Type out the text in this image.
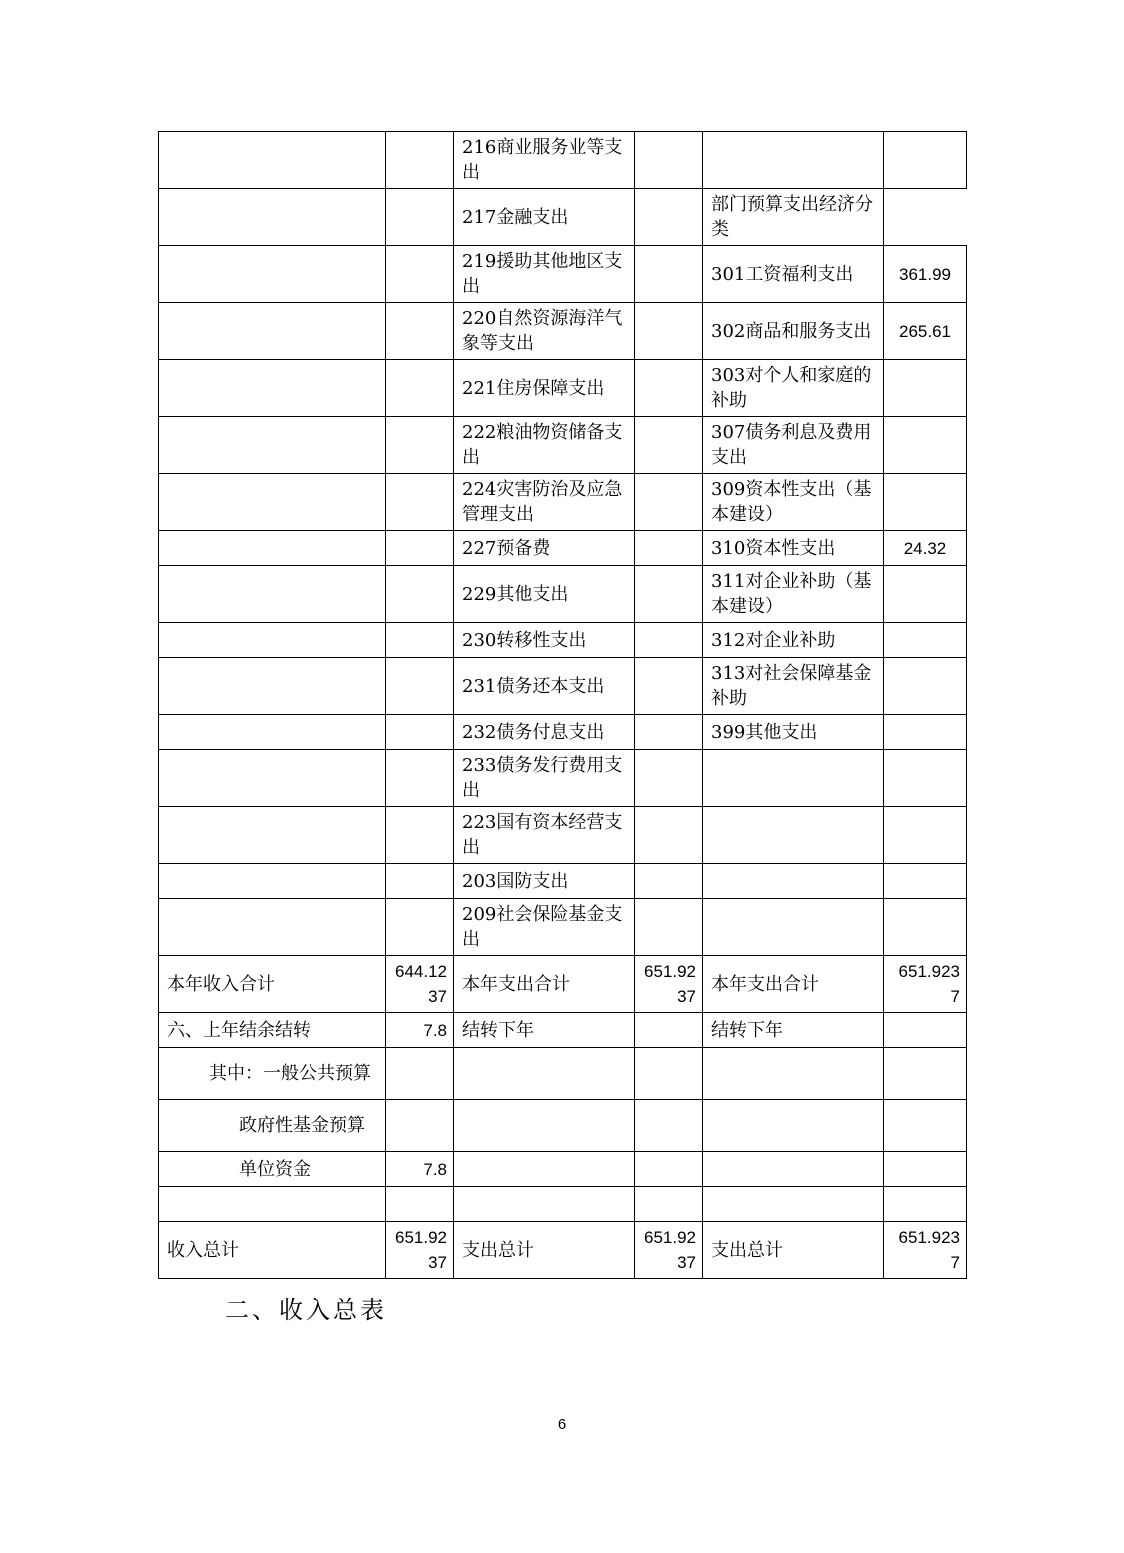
		216商业服务业等支出			
		217金融支出		部门预算支出经济分类	
		219援助其他地区支出		301工资福利支出	361.99
		220自然资源海洋气象等支出		302商品和服务支出	265.61
		221住房保障支出		303对个人和家庭的补助	
		222粮油物资储备支出		307债务利息及费用支出	
		224灾害防治及应急管理支出		309资本性支出（基本建设）	
		227预备费		310资本性支出	24.32
		229其他支出		311对企业补助（基本建设）	
		230转移性支出		312对企业补助	
		231债务还本支出		313对社会保障基金补助	
		232债务付息支出		399其他支出	
		233债务发行费用支出			
		223国有资本经营支出			
		203国防支出			
		209社会保险基金支出			
本年收入合计	644.1237	本年支出合计	651.9237	本年支出合计	651.9237
六、上年结余结转	7.8	结转下年		结转下年	
其中：一般公共预算					
政府性基金预算					
单位资金	7.8				

收入总计	651.9237	支出总计	651.9237	支出总计	651.9237
二、收入总表
6
